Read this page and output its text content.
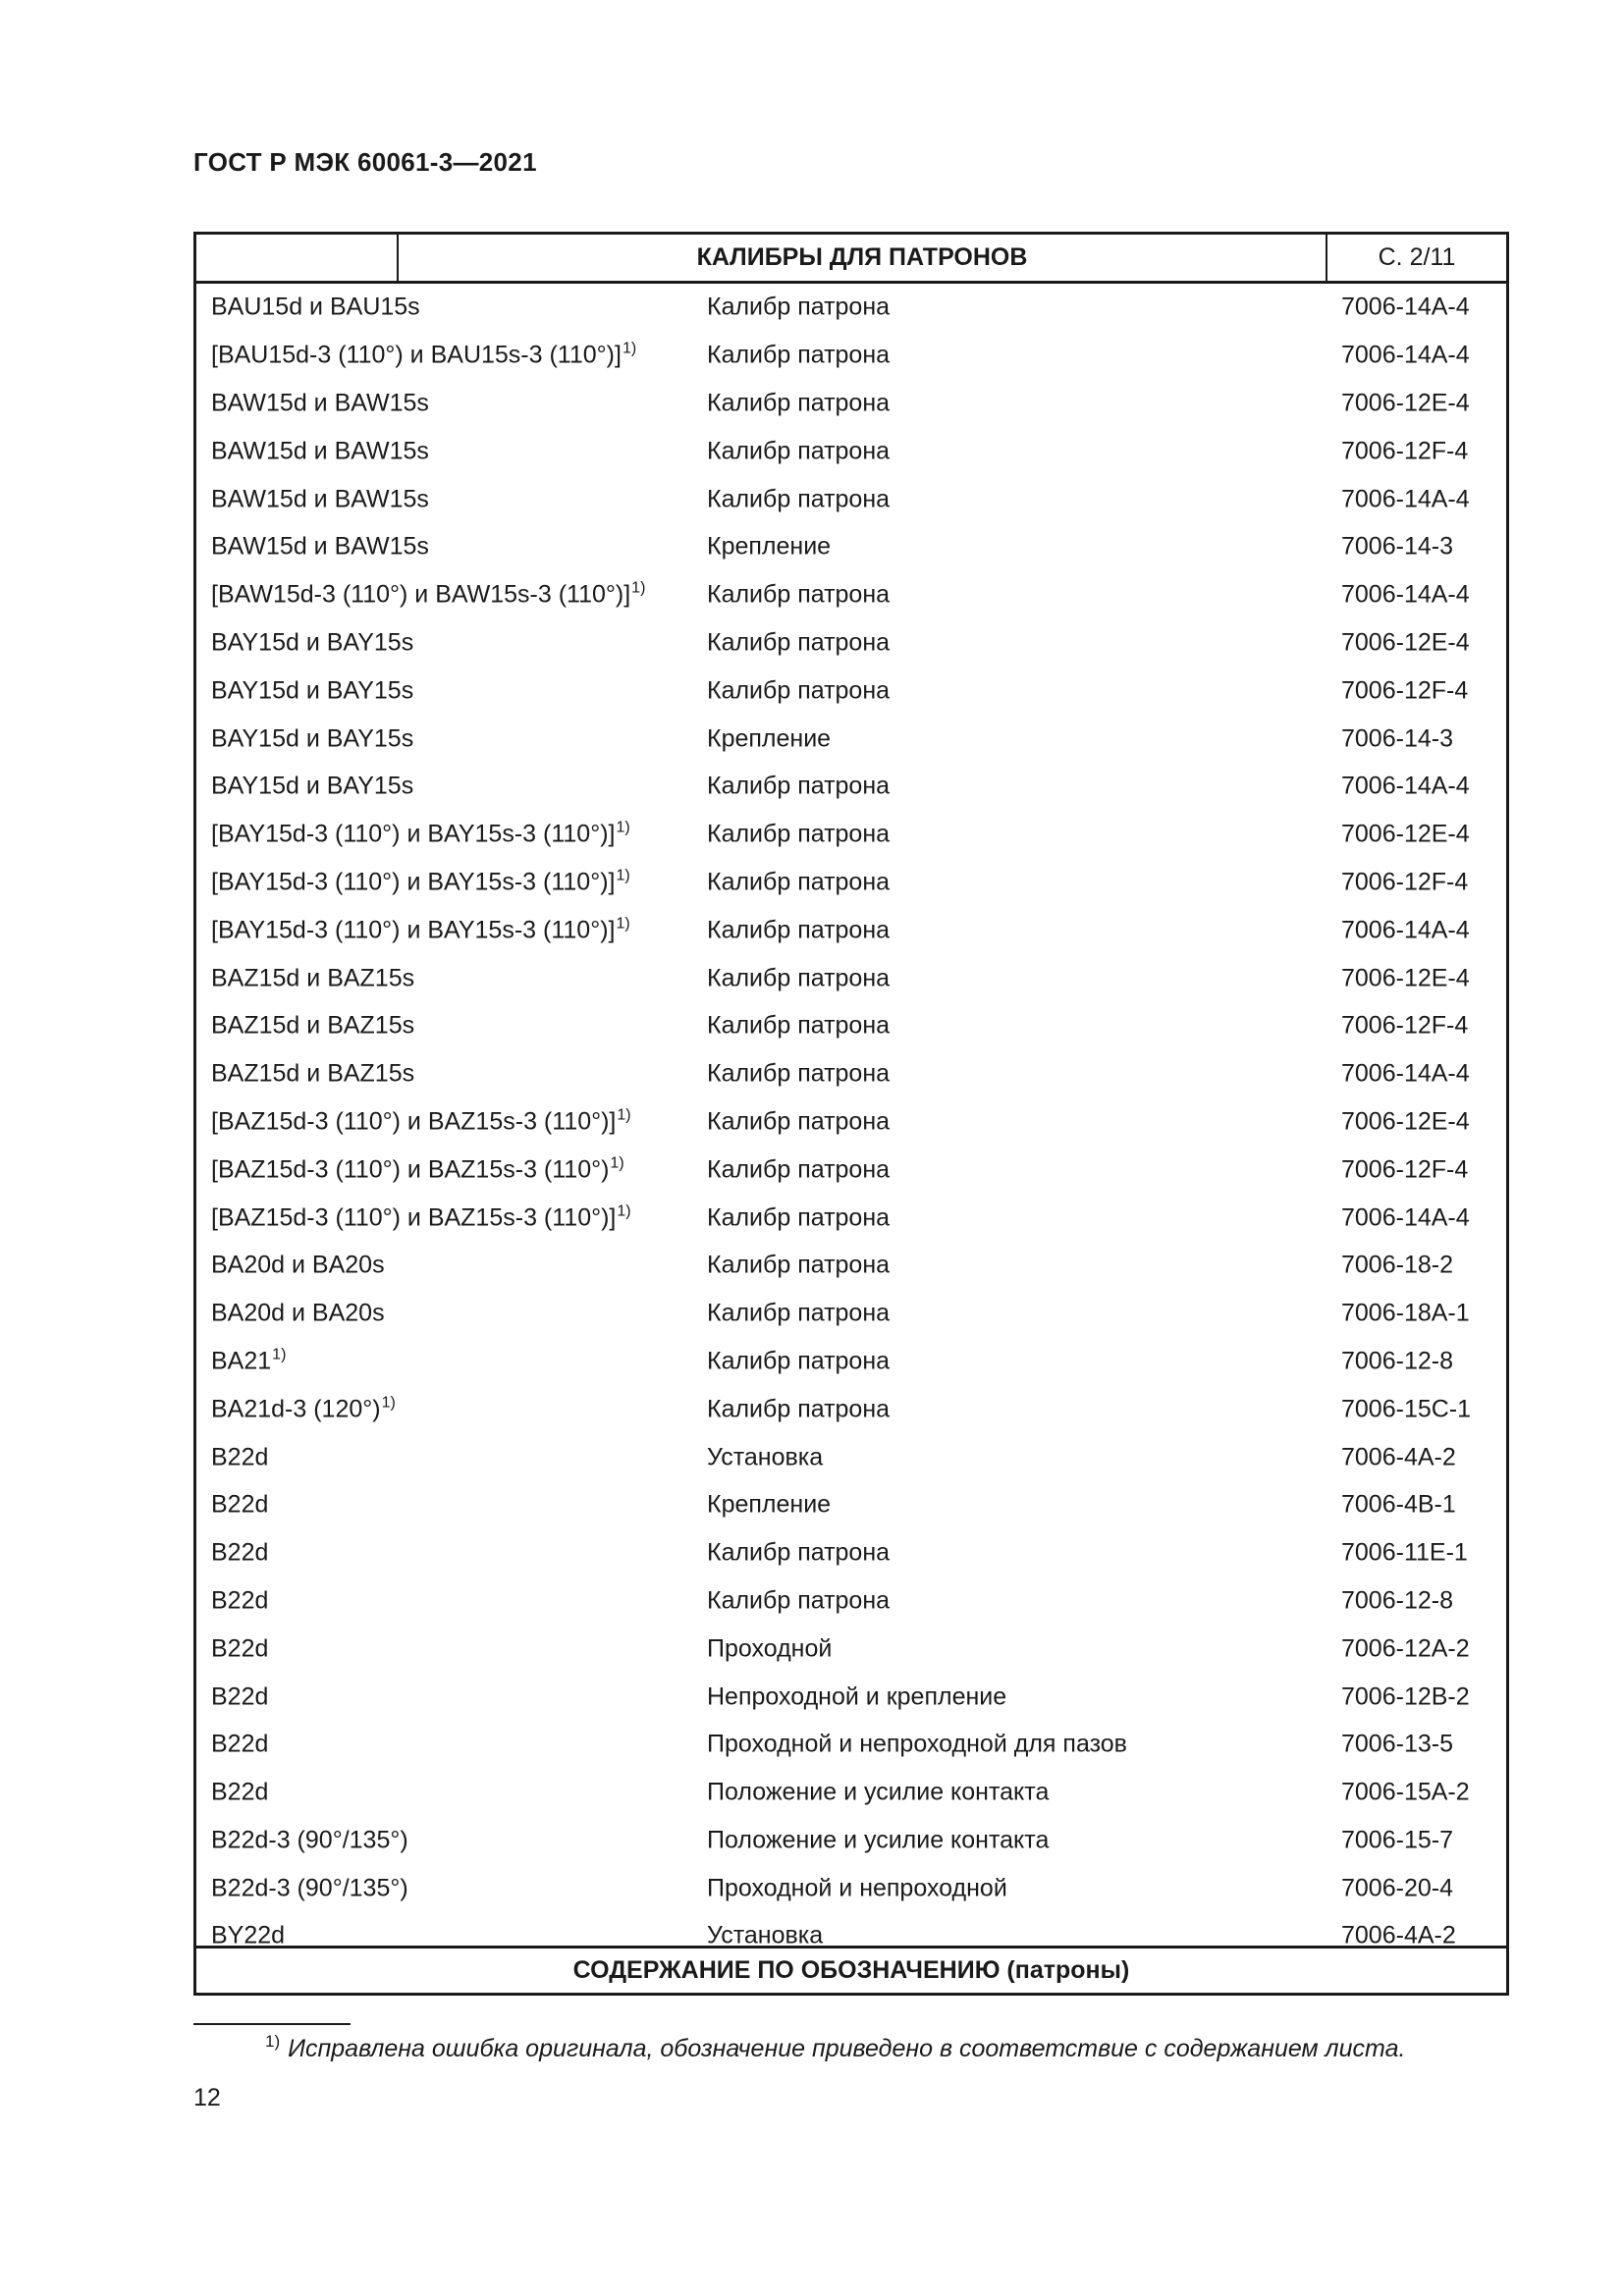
ГОСТ Р МЭК 60061-3—2021
КАЛИБРЫ ДЛЯ ПАТРОНОВ	С. 2/11
BAU15d и BAU15s	Калибр патрона	7006-14A-4
[BAU15d-3 (110°) и BAU15s-3 (110°)]$^{1)}$	Калибр патрона	7006-14A-4
BAW15d и BAW15s	Калибр патрона	7006-12E-4
BAW15d и BAW15s	Калибр патрона	7006-12F-4
BAW15d и BAW15s	Калибр патрона	7006-14A-4
BAW15d и BAW15s	Крепление	7006-14-3
[BAW15d-3 (110°) и BAW15s-3 (110°)]$^{1)}$	Калибр патрона	7006-14A-4
BAY15d и BAY15s	Калибр патрона	7006-12E-4
BAY15d и BAY15s	Калибр патрона	7006-12F-4
BAY15d и BAY15s	Крепление	7006-14-3
BAY15d и BAY15s	Калибр патрона	7006-14A-4
[BAY15d-3 (110°) и BAY15s-3 (110°)]$^{1)}$	Калибр патрона	7006-12E-4
[BAY15d-3 (110°) и BAY15s-3 (110°)]$^{1)}$	Калибр патрона	7006-12F-4
[BAY15d-3 (110°) и BAY15s-3 (110°)]$^{1)}$	Калибр патрона	7006-14A-4
BAZ15d и BAZ15s	Калибр патрона	7006-12E-4
BAZ15d и BAZ15s	Калибр патрона	7006-12F-4
BAZ15d и BAZ15s	Калибр патрона	7006-14A-4
[BAZ15d-3 (110°) и BAZ15s-3 (110°)]$^{1)}$	Калибр патрона	7006-12E-4
[BAZ15d-3 (110°) и BAZ15s-3 $(110^\circ)^{1)}$	Калибр патрона	7006-12F-4
[BAZ15d-3 (110°) и BAZ15s-3 (110°)]$^{1)}$	Калибр патрона	7006-14A-4
BA20d и BA20s	Калибр патрона	7006-18-2
BA20d и BA20s	Калибр патрона	7006-18A-1
BA21$^{1)}$	Калибр патрона	7006-12-8
BA21d-3 $(120^\circ)^{1)}$	Калибр патрона	7006-15C-1
B22d	Установка	7006-4A-2
B22d	Крепление	7006-4B-1
B22d	Калибр патрона	7006-11E-1
B22d	Калибр патрона	7006-12-8
B22d	Проходной	7006-12A-2
B22d	Непроходной и крепление	7006-12B-2
B22d	Проходной и непроходной для пазов	7006-13-5
B22d	Положение и усилие контакта	7006-15A-2
B22d-3 (90°/135°)	Положение и усилие контакта	7006-15-7
B22d-3 (90°/135°)	Проходной и непроходной	7006-20-4
BY22d	Установка	7006-4A-2
СОДЕРЖАНИЕ ПО ОБОЗНАЧЕНИЮ (патроны)
$^{1)}$ Исправлена ошибка оригинала, обозначение приведено в соответствие с содержанием листа.
12
